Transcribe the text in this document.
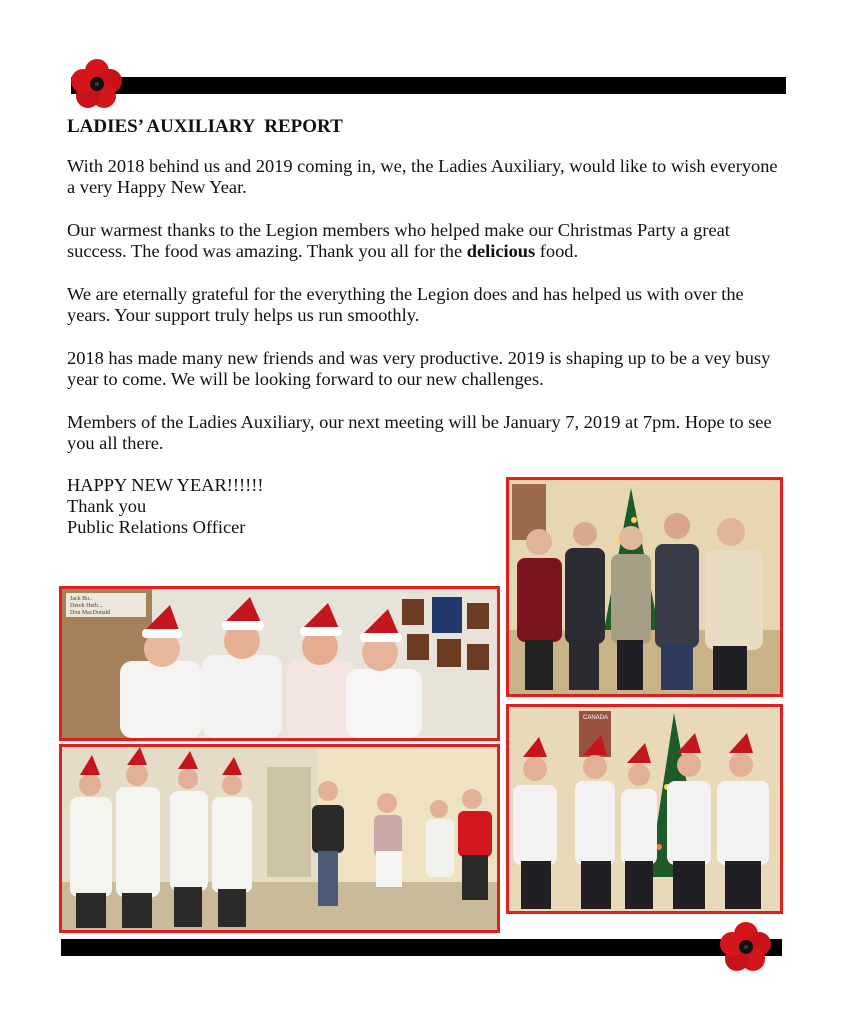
LADIES’ AUXILIARY  REPORT

With 2018 behind us and 2019 coming in, we, the Ladies Auxiliary, would like to wish everyone a very Happy New Year.

Our warmest thanks to the Legion members who helped make our Christmas Party a great success. The food was amazing. Thank you all for the delicious food.

We are eternally grateful for the everything the Legion does and has helped us with over the years. Your support truly helps us run smoothly.

2018 has made many new friends and was very productive. 2019 is shaping up to be a vey busy year to come. We will be looking forward to our new challenges.

Members of the Ladies Auxiliary, our next meeting will be January 7, 2019 at 7pm. Hope to see you all there.

HAPPY NEW YEAR!!!!!!
Thank you
Public Relations Officer
Jack Bu..
Derek Herb...
Don MacDonald
CANADA
